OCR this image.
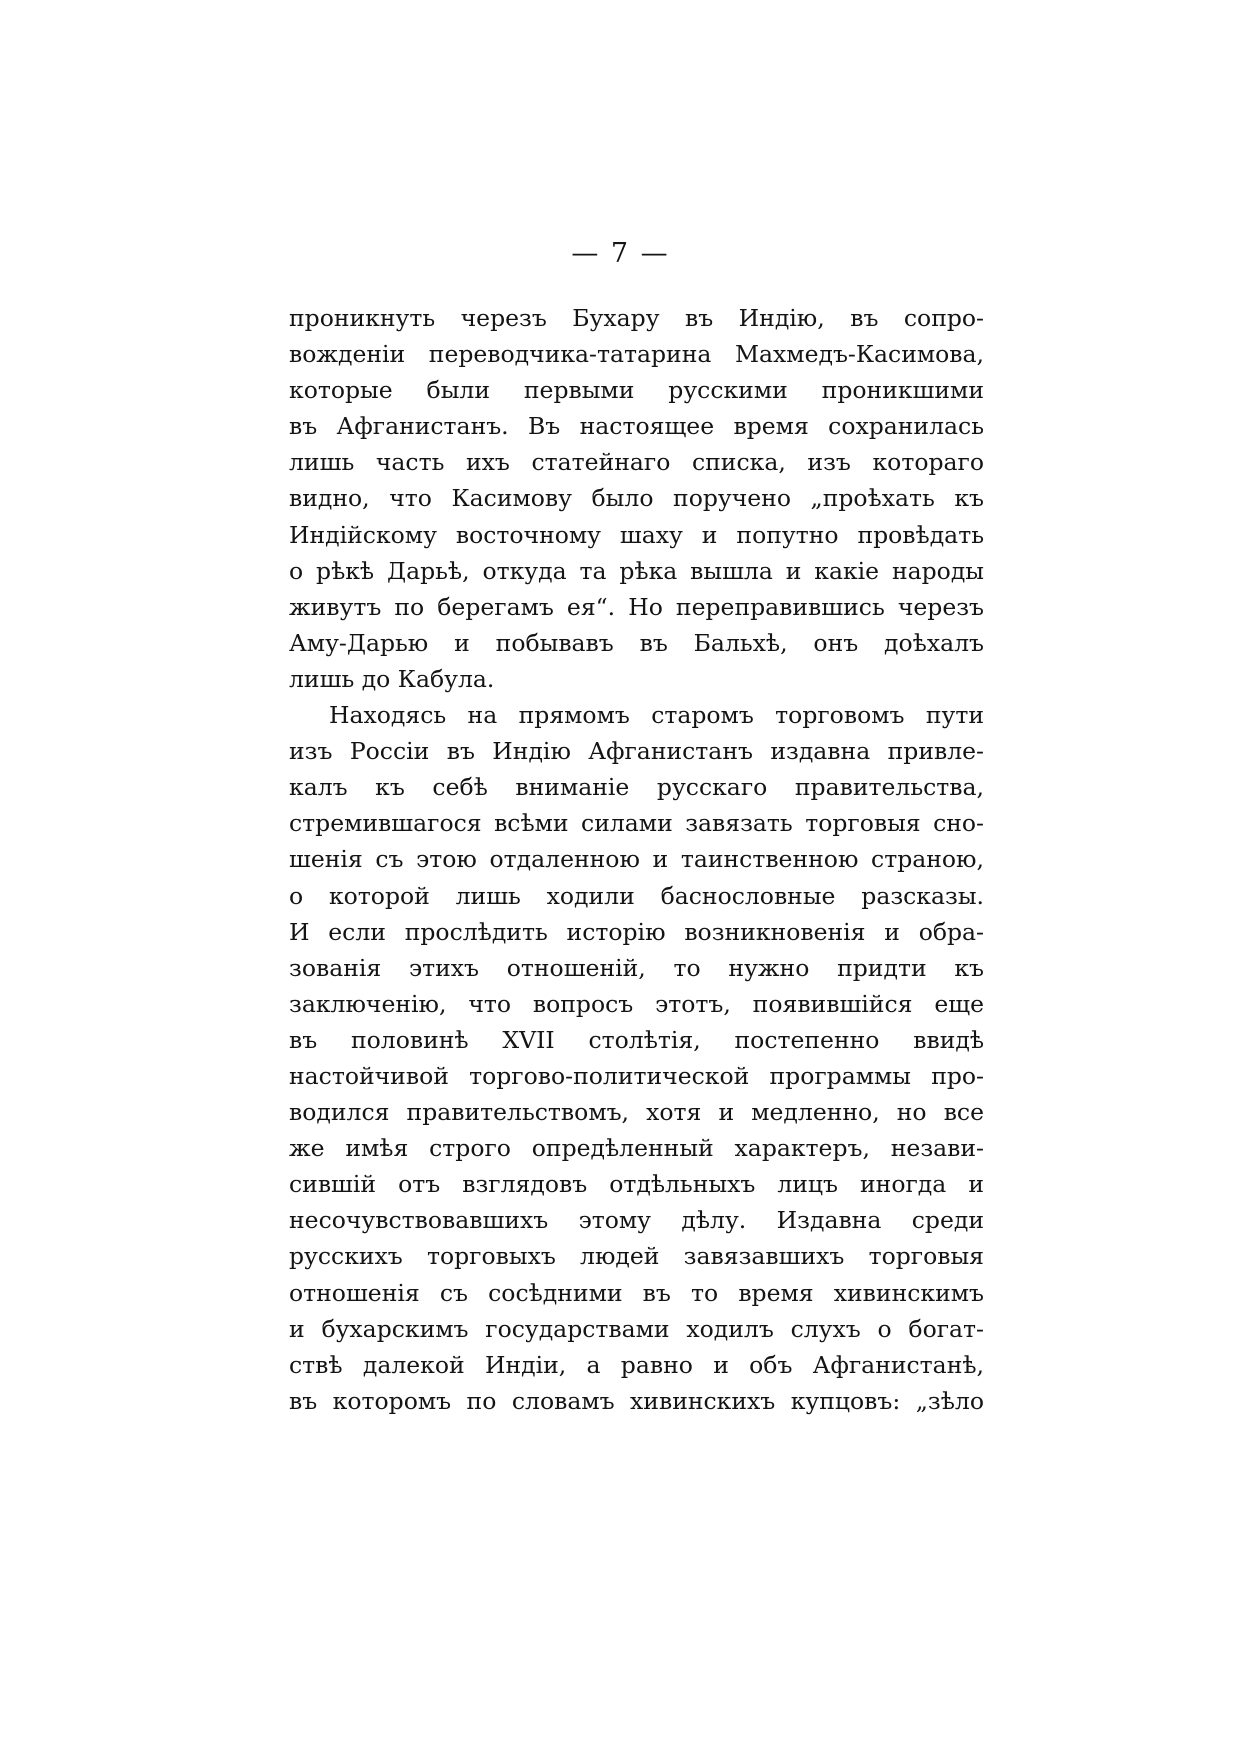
— 7 —
проникнуть черезъ Бухару въ Индію, въ сопро-
вожденіи переводчика-татарина Махмедъ-Касимова,
которые были первыми русскими проникшими
въ Афганистанъ. Въ настоящее время сохранилась
лишь часть ихъ статейнаго списка, изъ котораго
видно, что Касимову было поручено „проѣхать къ
Индійскому восточному шаху и попутно провѣдать
о рѣкѣ Дарьѣ, откуда та рѣка вышла и какіе народы
живутъ по берегамъ ея“. Но переправившись черезъ
Аму-Дарью и побывавъ въ Бальхѣ, онъ доѣхалъ
лишь до Кабула.
Находясь на прямомъ старомъ торговомъ пути
изъ Россіи въ Индію Афганистанъ издавна привле-
калъ къ себѣ вниманіе русскаго правительства,
стремившагося всѣми силами завязать торговыя сно-
шенія съ этою отдаленною и таинственною страною,
о которой лишь ходили баснословные разсказы.
И если прослѣдить исторію возникновенія и обра-
зованія этихъ отношеній, то нужно придти къ
заключенію, что вопросъ этотъ, появившійся еще
въ половинѣ XVII столѣтія, постепенно ввидѣ
настойчивой торгово-политической программы про-
водился правительствомъ, хотя и медленно, но все
же имѣя строго опредѣленный характеръ, незави-
сившій отъ взглядовъ отдѣльныхъ лицъ иногда и
несочувствовавшихъ этому дѣлу. Издавна среди
русскихъ торговыхъ людей завязавшихъ торговыя
отношенія съ сосѣдними въ то время хивинскимъ
и бухарскимъ государствами ходилъ слухъ о богат-
ствѣ далекой Индіи, а равно и объ Афганистанѣ,
въ которомъ по словамъ хивинскихъ купцовъ: „зѣло
